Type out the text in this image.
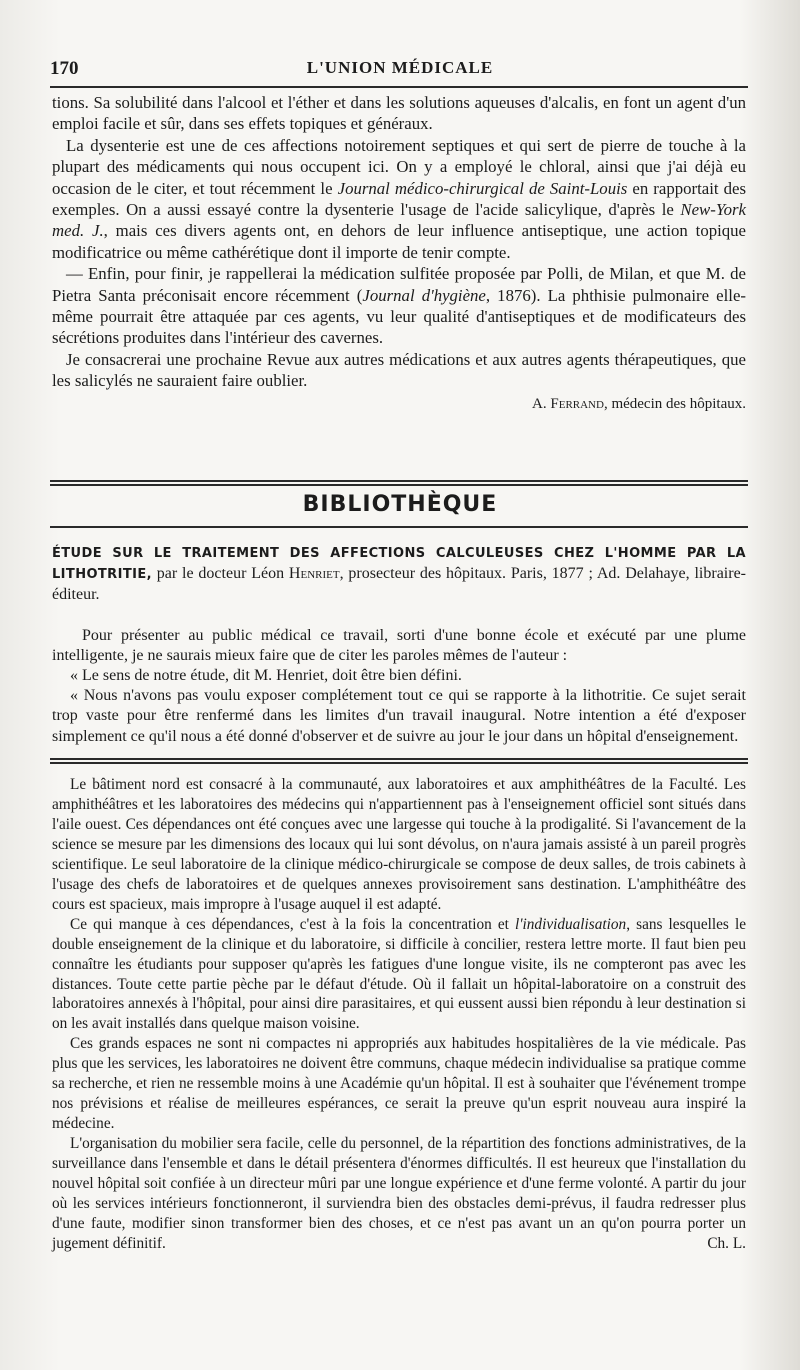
170	L'UNION MÉDICALE

tions. Sa solubilité dans l'alcool et l'éther et dans les solutions aqueuses d'alcalis, en font un agent d'un emploi facile et sûr, dans ses effets topiques et généraux.

La dysenterie est une de ces affections notoirement septiques et qui sert de pierre de touche à la plupart des médicaments qui nous occupent ici. On y a employé le chloral, ainsi que j'ai déjà eu occasion de le citer, et tout récemment le Journal médico-chirurgical de Saint-Louis en rapportait des exemples. On a aussi essayé contre la dysenterie l'usage de l'acide salicylique, d'après le New-York med. J., mais ces divers agents ont, en dehors de leur influence antiseptique, une action topique modificatrice ou même cathérétique dont il importe de tenir compte.

— Enfin, pour finir, je rappellerai la médication sulfitée proposée par Polli, de Milan, et que M. de Pietra Santa préconisait encore récemment (Journal d'hygiène, 1876). La phthisie pulmonaire elle-même pourrait être attaquée par ces agents, vu leur qualité d'antiseptiques et de modificateurs des sécrétions produites dans l'intérieur des cavernes.

Je consacrerai une prochaine Revue aux autres médications et aux autres agents thérapeutiques, que les salicylés ne sauraient faire oublier.

A. Ferrand, médecin des hôpitaux.
BIBLIOTHÈQUE

ÉTUDE SUR LE TRAITEMENT DES AFFECTIONS CALCULEUSES CHEZ L'HOMME PAR LA LITHOTRITIE, par le docteur Léon Henriet, prosecteur des hôpitaux. Paris, 1877 ; Ad. Delahaye, libraire-éditeur.

Pour présenter au public médical ce travail, sorti d'une bonne école et exécuté par une plume intelligente, je ne saurais mieux faire que de citer les paroles mêmes de l'auteur :

« Le sens de notre étude, dit M. Henriet, doit être bien défini.

« Nous n'avons pas voulu exposer complétement tout ce qui se rapporte à la lithotritie. Ce sujet serait trop vaste pour être renfermé dans les limites d'un travail inaugural. Notre intention a été d'exposer simplement ce qu'il nous a été donné d'observer et de suivre au jour le jour dans un hôpital d'enseignement.

Le bâtiment nord est consacré à la communauté, aux laboratoires et aux amphithéâtres de la Faculté. Les amphithéâtres et les laboratoires des médecins qui n'appartiennent pas à l'enseignement officiel sont situés dans l'aile ouest. Ces dépendances ont été conçues avec une largesse qui touche à la prodigalité. Si l'avancement de la science se mesure par les dimensions des locaux qui lui sont dévolus, on n'aura jamais assisté à un pareil progrès scientifique. Le seul laboratoire de la clinique médico-chirurgicale se compose de deux salles, de trois cabinets à l'usage des chefs de laboratoires et de quelques annexes provisoirement sans destination. L'amphithéâtre des cours est spacieux, mais impropre à l'usage auquel il est adapté.

Ce qui manque à ces dépendances, c'est à la fois la concentration et l'individualisation, sans lesquelles le double enseignement de la clinique et du laboratoire, si difficile à concilier, restera lettre morte. Il faut bien peu connaître les étudiants pour supposer qu'après les fatigues d'une longue visite, ils ne compteront pas avec les distances. Toute cette partie pèche par le défaut d'étude. Où il fallait un hôpital-laboratoire on a construit des laboratoires annexés à l'hôpital, pour ainsi dire parasitaires, et qui eussent aussi bien répondu à leur destination si on les avait installés dans quelque maison voisine.

Ces grands espaces ne sont ni compactes ni appropriés aux habitudes hospitalières de la vie médicale. Pas plus que les services, les laboratoires ne doivent être communs, chaque médecin individualise sa pratique comme sa recherche, et rien ne ressemble moins à une Académie qu'un hôpital. Il est à souhaiter que l'événement trompe nos prévisions et réalise de meilleures espérances, ce serait la preuve qu'un esprit nouveau aura inspiré la médecine.

L'organisation du mobilier sera facile, celle du personnel, de la répartition des fonctions administratives, de la surveillance dans l'ensemble et dans le détail présentera d'énormes difficultés. Il est heureux que l'installation du nouvel hôpital soit confiée à un directeur mûri par une longue expérience et d'une ferme volonté. A partir du jour où les services intérieurs fonctionneront, il surviendra bien des obstacles demi-prévus, il faudra redresser plus d'une faute, modifier sinon transformer bien des choses, et ce n'est pas avant un an qu'on pourra porter un jugement définitif.	Ch. L.
